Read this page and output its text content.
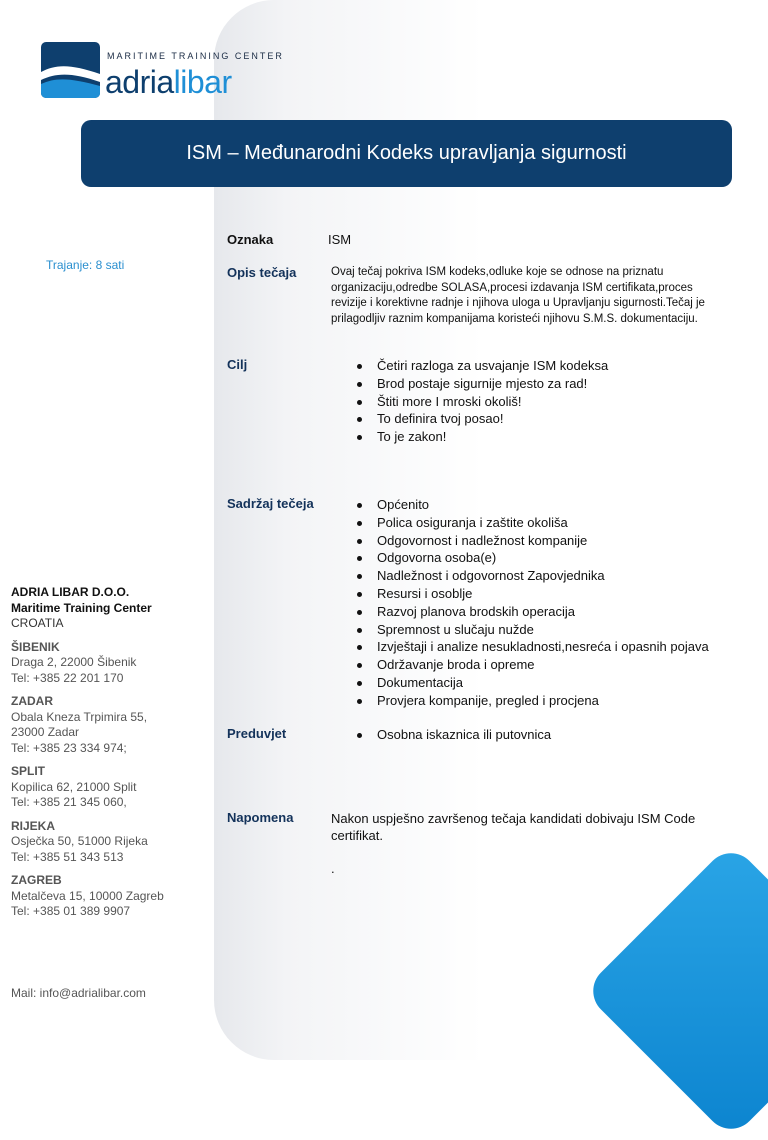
MARITIME TRAINING CENTER
adrialibar
ISM – Međunarodni Kodeks upravljanja sigurnosti
Trajanje: 8 sati
Oznaka	ISM
Opis tečaja	Ovaj tečaj pokriva ISM kodeks,odluke koje se odnose na priznatu organizaciju,odredbe SOLASA,procesi izdavanja ISM certifikata,proces revizije i korektivne radnje i njihova uloga u Upravljanju sigurnosti.Tečaj je prilagodljiv raznim kompanijama koristeći njihovu S.M.S. dokumentaciju.
Cilj	Četiri razloga za usvajanje ISM kodeksa
Brod postaje sigurnije mjesto za rad!
Štiti more I mroski okoliš!
To definira tvoj posao!
To je zakon!
Sadržaj tečeja	Općenito
Polica osiguranja i zaštite okoliša
Odgovornost i nadležnost kompanije
Odgovorna osoba(e)
Nadležnost i odgovornost Zapovjednika
Resursi i osoblje
Razvoj planova brodskih operacija
Spremnost u slučaju nužde
Izvještaji i analize nesukladnosti,nesreća i opasnih pojava
Održavanje broda i opreme
Dokumentacija
Provjera kompanije, pregled i procjena
Preduvjet	Osobna iskaznica ili putovnica
Napomena	Nakon uspješno završenog tečaja kandidati dobivaju ISM Code certifikat.
.
ADRIA LIBAR D.O.O.
Maritime Training Center
CROATIA
ŠIBENIK
Draga 2, 22000 Šibenik
Tel: +385 22 201 170
ZADAR
Obala Kneza Trpimira 55,
23000 Zadar
Tel: +385 23 334 974;
SPLIT
Kopilica 62, 21000 Split
Tel: +385 21 345 060,
RIJEKA
Osječka 50, 51000 Rijeka
Tel: +385 51 343 513
ZAGREB
Metalčeva 15, 10000 Zagreb
Tel: +385 01 389 9907
Mail: info@adrialibar.com
